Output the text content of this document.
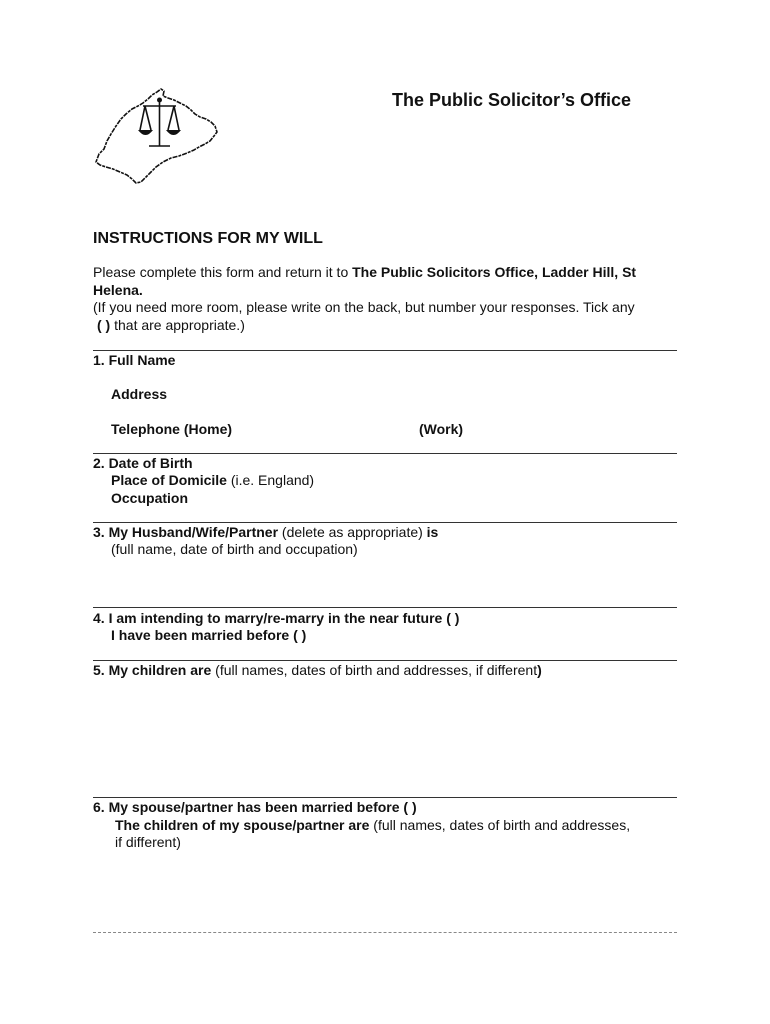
The Public Solicitor’s Office
INSTRUCTIONS FOR MY WILL
Please complete this form and return it to The Public Solicitors Office, Ladder Hill, St Helena.
(If you need more room, please write on the back, but number your responses. Tick any
( ) that are appropriate.)
1. Full Name
Address
Telephone (Home)	(Work)
2. Date of Birth
Place of Domicile (i.e. England)
Occupation
3. My Husband/Wife/Partner (delete as appropriate) is
(full name, date of birth and occupation)
4. I am intending to marry/re-marry in the near future ( )
I have been married before ( )
5. My children are (full names, dates of birth and addresses, if different)
6. My spouse/partner has been married before ( )
The children of my spouse/partner are (full names, dates of birth and addresses,
if different)
